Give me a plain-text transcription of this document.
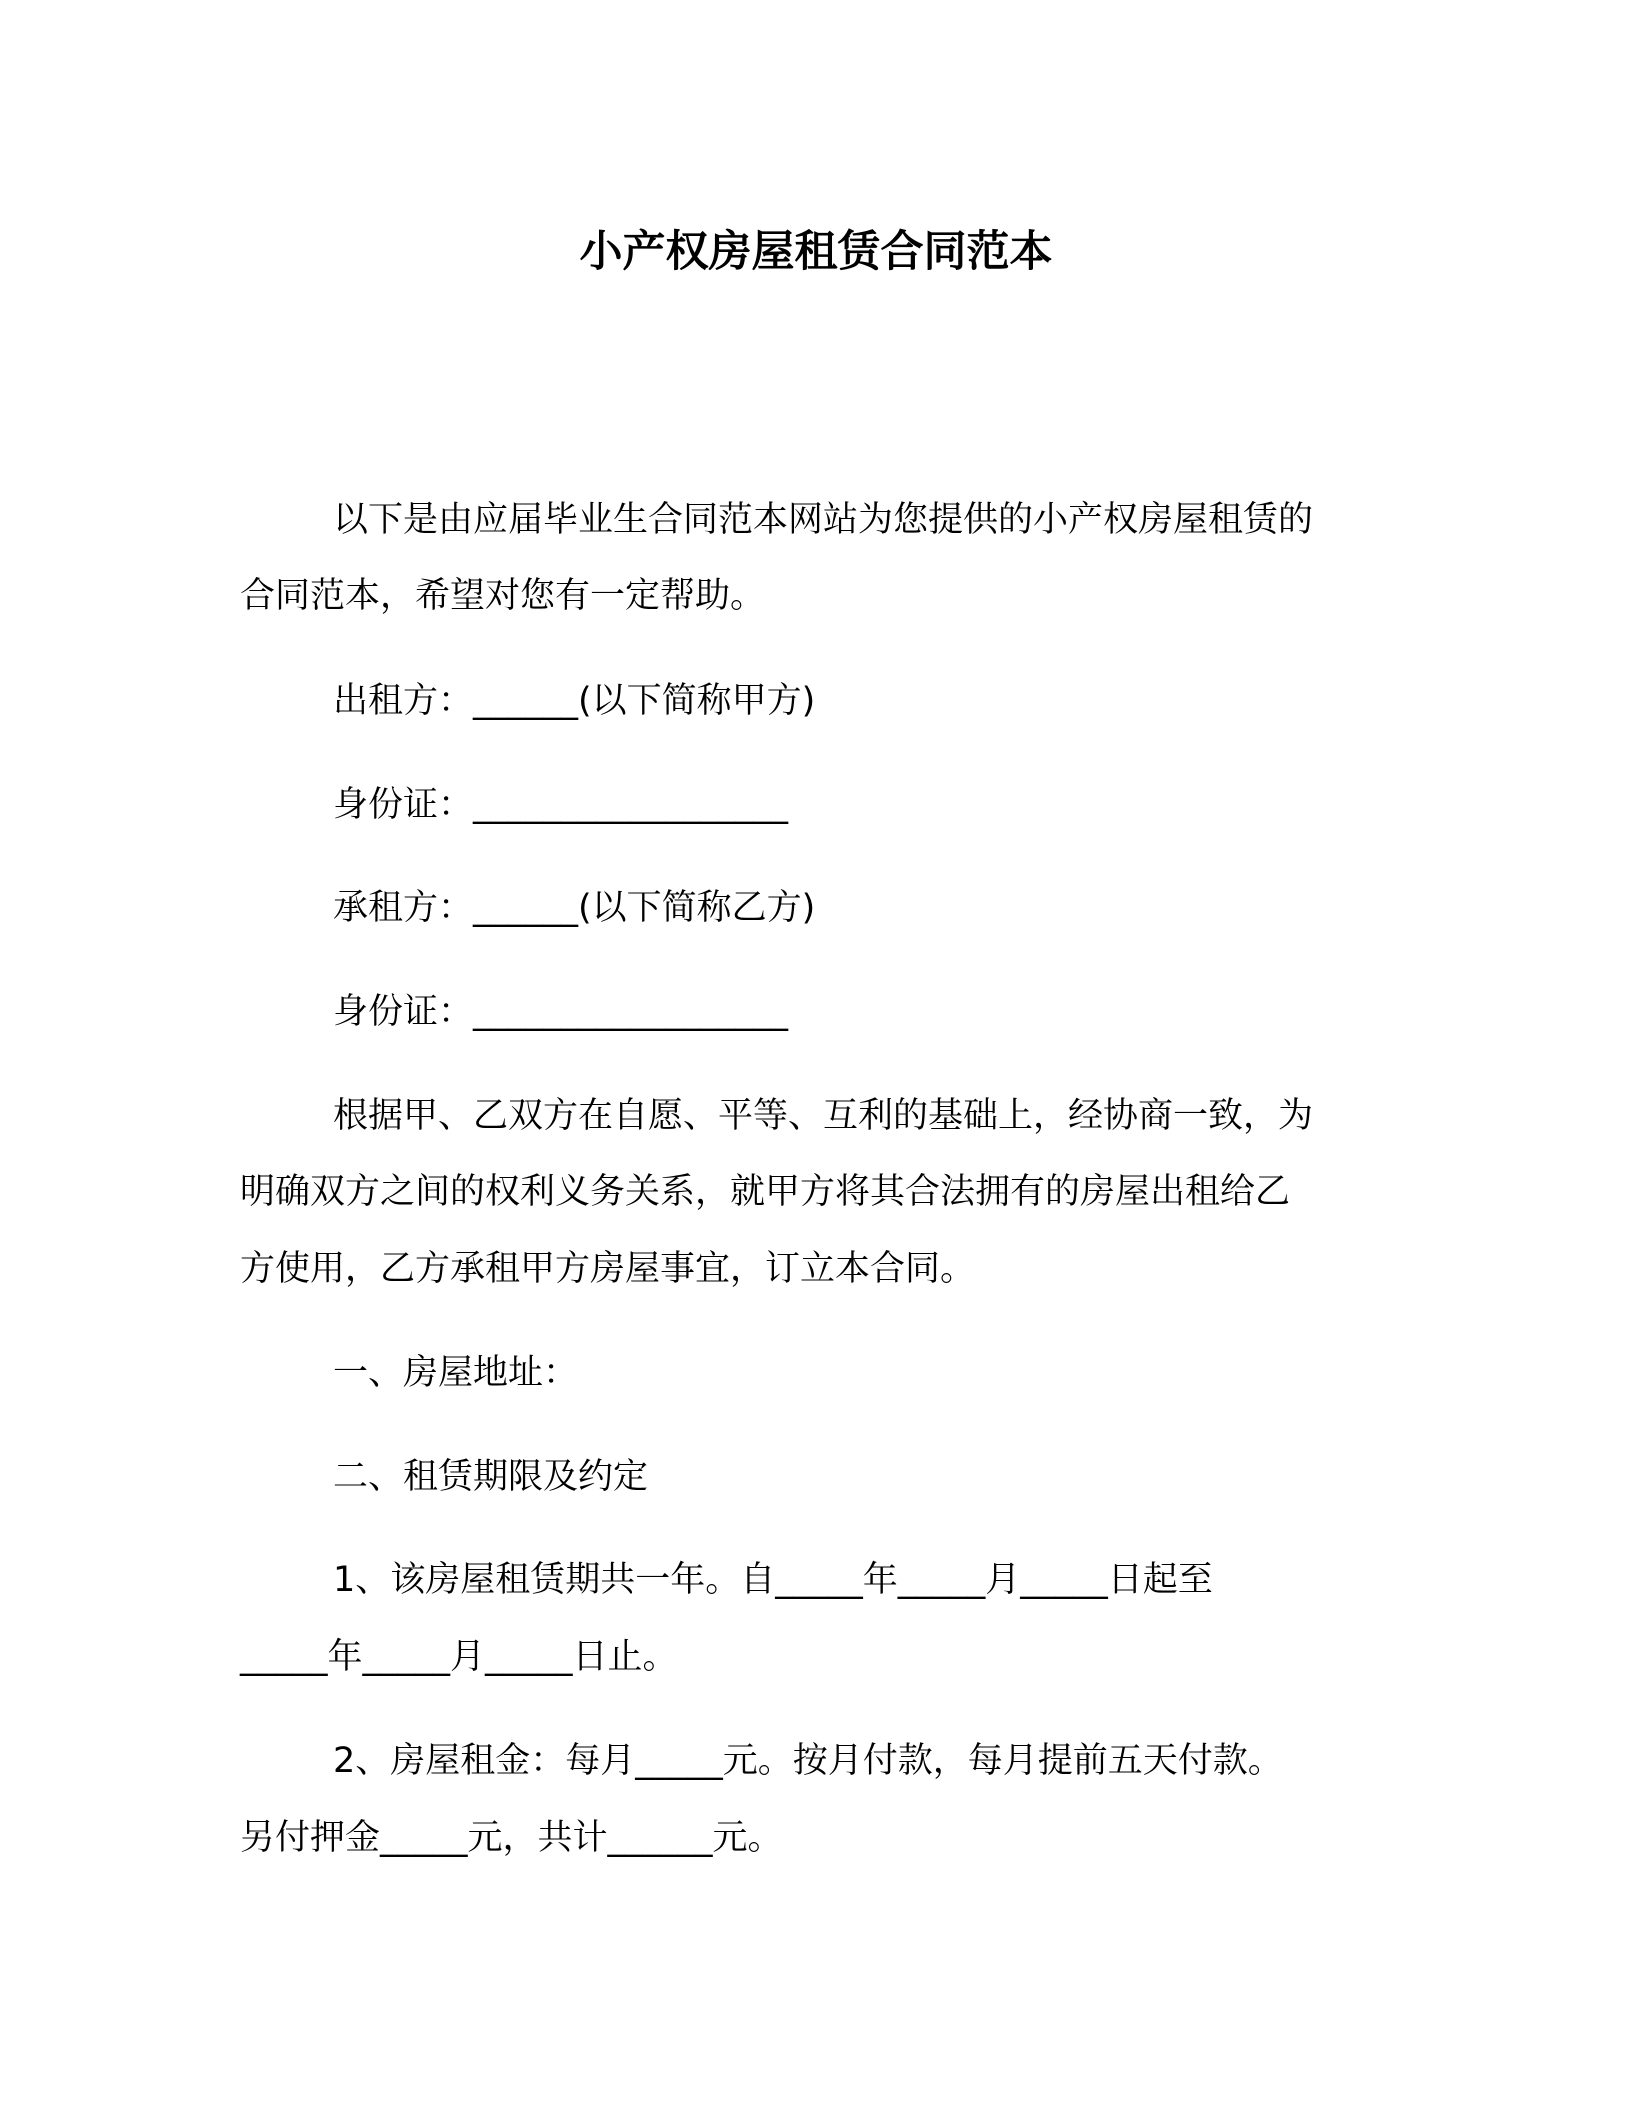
小产权房屋租赁合同范本
以下是由应届毕业生合同范本网站为您提供的小产权房屋租赁的
合同范本，希望对您有一定帮助。
出租方：______(以下简称甲方)
身份证：__________________
承租方：______(以下简称乙方)
身份证：__________________
根据甲、乙双方在自愿、平等、互利的基础上，经协商一致，为
明确双方之间的权利义务关系，就甲方将其合法拥有的房屋出租给乙
方使用，乙方承租甲方房屋事宜，订立本合同。
一、房屋地址：
二、租赁期限及约定
1、该房屋租赁期共一年。自_____年_____月_____日起至
_____年_____月_____日止。
2、房屋租金：每月_____元。按月付款，每月提前五天付款。
另付押金_____元，共计______元。
